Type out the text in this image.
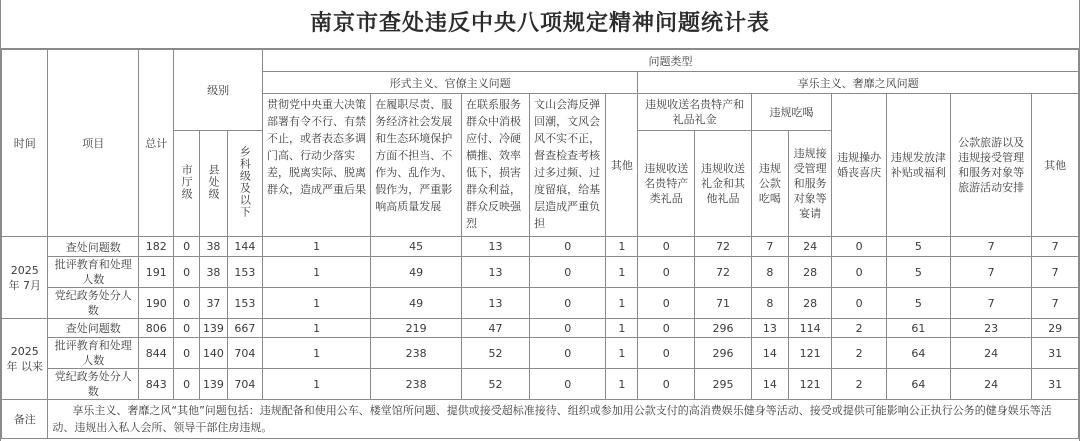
南京市查处违反中央八项规定精神问题统计表
时间	项目	总计	级别			问题类型												
						形式主义、官僚主义问题					享乐主义、奢靡之风问题							
						贯彻党中央重大决策部署有令不行、有禁不止，或者表态多调门高、行动少落实差，脱离实际、脱离群众，造成严重后果	在履职尽责、服务经济社会发展和生态环境保护方面不担当、不作为、乱作为、假作为，严重影响高质量发展	在联系服务群众中消极应付、冷硬横推、效率低下，损害群众利益，群众反映强烈	文山会海反弹回潮，文风会风不实不正，督查检查考核过多过频、过度留痕，给基层造成严重负担	其他	违规收送名贵特产和礼品礼金		违规吃喝		违规操办婚丧喜庆	违规发放津补贴或福利	公款旅游以及违规接受管理和服务对象等旅游活动安排	其他
			市厅级	县处级	乡科级及以下						违规收送名贵特产类礼品	违规收送礼金和其他礼品	违规公款吃喝	违规接受管理和服务对象等宴请				

2025 年 7月	查处问题数	182	0	38	144	1	45	13	0	1	0	72	7	24	0	5	7	7
	批评教育和处理人数	191	0	38	153	1	49	13	0	1	0	72	8	28	0	5	7	7
	党纪政务处分人数	190	0	37	153	1	49	13	0	1	0	71	8	28	0	5	7	7
2025 年 以来	查处问题数	806	0	139	667	1	219	47	0	1	0	296	13	114	2	61	23	29
	批评教育和处理人数	844	0	140	704	1	238	52	0	1	0	296	14	121	2	64	24	31
	党纪政务处分人数	843	0	139	704	1	238	52	0	1	0	295	14	121	2	64	24	31
备注	享乐主义、奢靡之风“其他”问题包括：违规配备和使用公车、楼堂馆所问题、提供或接受超标准接待、组织或参加用公款支付的高消费娱乐健身等活动、接受或提供可能影响公正执行公务的健身娱乐等活动、违规出入私人会所、领导干部住房违规。																	
